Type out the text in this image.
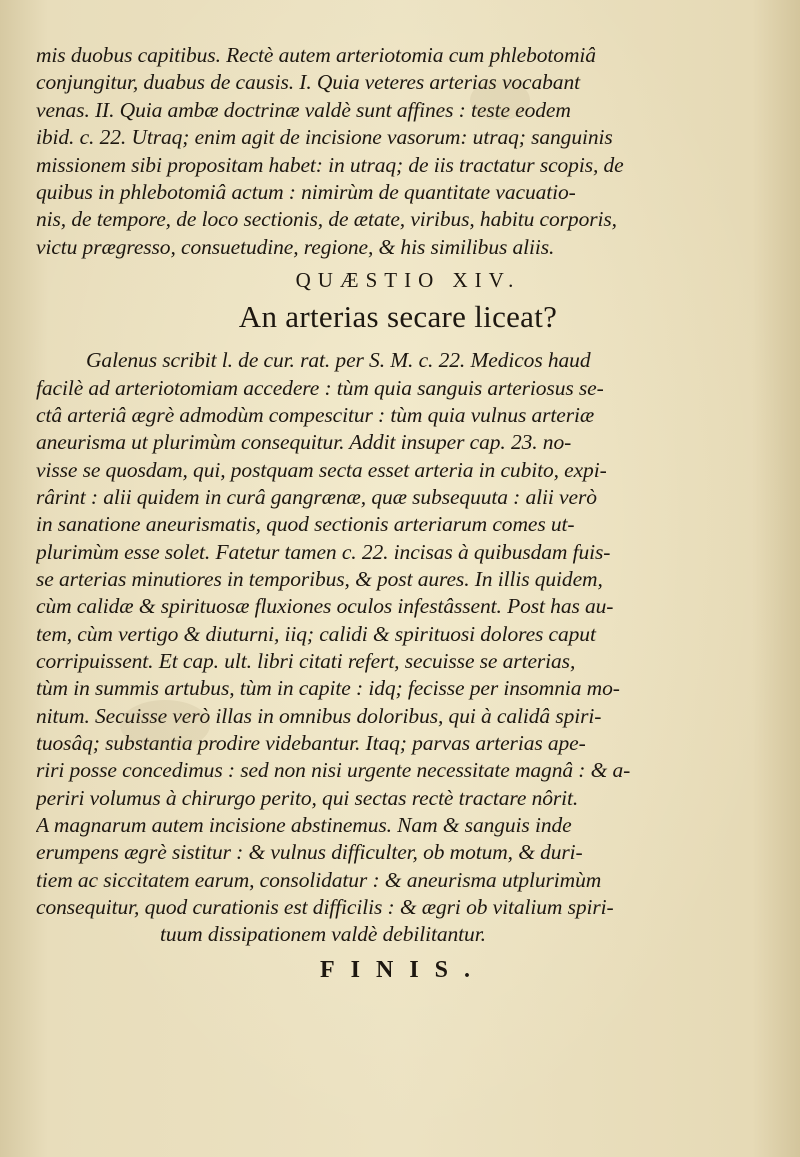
mis duobus capitibus. Rectè autem arteriotomia cum phlebotomiâ
conjungitur, duabus de causis. I. Quia veteres arterias vocabant
venas. II. Quia ambæ doctrinæ valdè sunt affines : teste eodem
ibid. c. 22. Utraq; enim agit de incisione vasorum: utraq; sanguinis
missionem sibi propositam habet: in utraq; de iis tractatur scopis, de
quibus in phlebotomiâ actum : nimirùm de quantitate vacuatio-
nis, de tempore, de loco sectionis, de ætate, viribus, habitu corporis,
victu prægresso, consuetudine, regione, & his similibus aliis.

QUÆSTIO XIV.
An arterias secare liceat?

Galenus scribit l. de cur. rat. per S. M. c. 22. Medicos haud
facilè ad arteriotomiam accedere : tùm quia sanguis arteriosus se-
ctâ arteriâ ægrè admodùm compescitur : tùm quia vulnus arteriæ
aneurisma ut plurimùm consequitur. Addit insuper cap. 23. no-
visse se quosdam, qui, postquam secta esset arteria in cubito, expi-
rârint : alii quidem in curâ gangrænæ, quæ subsequuta : alii verò
in sanatione aneurismatis, quod sectionis arteriarum comes ut-
plurimùm esse solet. Fatetur tamen c. 22. incisas à quibusdam fuis-
se arterias minutiores in temporibus, & post aures. In illis quidem,
cùm calidæ & spirituosæ fluxiones oculos infestâssent. Post has au-
tem, cùm vertigo & diuturni, iiq; calidi & spirituosi dolores caput
corripuissent. Et cap. ult. libri citati refert, secuisse se arterias,
tùm in summis artubus, tùm in capite : idq; fecisse per insomnia mo-
nitum. Secuisse verò illas in omnibus doloribus, qui à calidâ spiri-
tuosâq; substantia prodire videbantur. Itaq; parvas arterias ape-
riri posse concedimus : sed non nisi urgente necessitate magnâ : & a-
periri volumus à chirurgo perito, qui sectas rectè tractare nôrit.
A magnarum autem incisione abstinemus. Nam & sanguis inde
erumpens ægrè sistitur : & vulnus difficulter, ob motum, & duri-
tiem ac siccitatem earum, consolidatur : & aneurisma utplurimùm
consequitur, quod curationis est difficilis : & ægri ob vitalium spiri-
tuum dissipationem valdè debilitantur.

FINIS.
